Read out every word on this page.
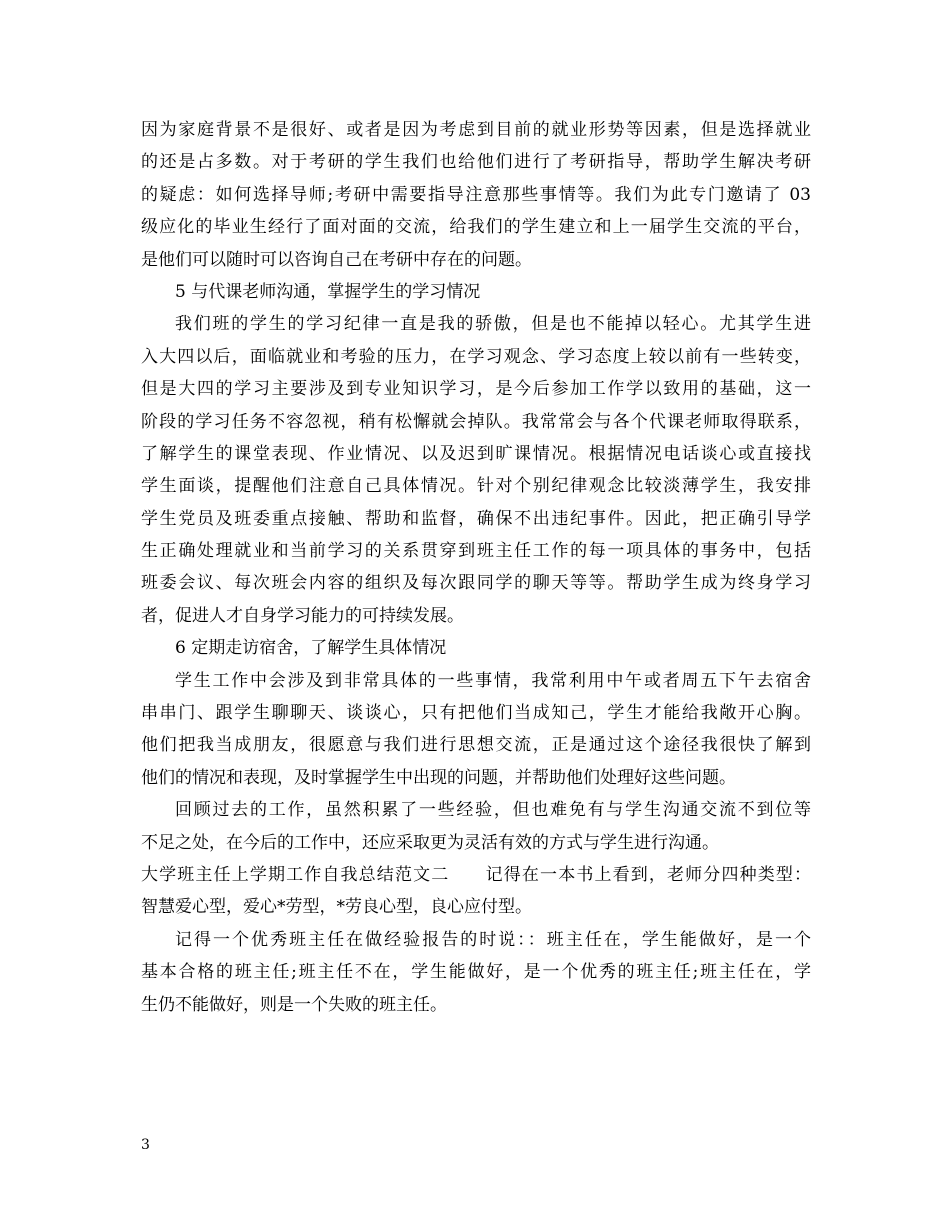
因为家庭背景不是很好、或者是因为考虑到目前的就业形势等因素，但是选择就业
的还是占多数。对于考研的学生我们也给他们进行了考研指导，帮助学生解决考研
的疑虑：如何选择导师;考研中需要指导注意那些事情等。我们为此专门邀请了 03
级应化的毕业生经行了面对面的交流，给我们的学生建立和上一届学生交流的平台，
是他们可以随时可以咨询自己在考研中存在的问题。
5 与代课老师沟通，掌握学生的学习情况
我们班的学生的学习纪律一直是我的骄傲，但是也不能掉以轻心。尤其学生进
入大四以后，面临就业和考验的压力，在学习观念、学习态度上较以前有一些转变，
但是大四的学习主要涉及到专业知识学习，是今后参加工作学以致用的基础，这一
阶段的学习任务不容忽视，稍有松懈就会掉队。我常常会与各个代课老师取得联系，
了解学生的课堂表现、作业情况、以及迟到旷课情况。根据情况电话谈心或直接找
学生面谈，提醒他们注意自己具体情况。针对个别纪律观念比较淡薄学生，我安排
学生党员及班委重点接触、帮助和监督，确保不出违纪事件。因此，把正确引导学
生正确处理就业和当前学习的关系贯穿到班主任工作的每一项具体的事务中，包括
班委会议、每次班会内容的组织及每次跟同学的聊天等等。帮助学生成为终身学习
者，促进人才自身学习能力的可持续发展。
6 定期走访宿舍，了解学生具体情况
学生工作中会涉及到非常具体的一些事情，我常利用中午或者周五下午去宿舍
串串门、跟学生聊聊天、谈谈心，只有把他们当成知己，学生才能给我敞开心胸。
他们把我当成朋友，很愿意与我们进行思想交流，正是通过这个途径我很快了解到
他们的情况和表现，及时掌握学生中出现的问题，并帮助他们处理好这些问题。
回顾过去的工作，虽然积累了一些经验，但也难免有与学生沟通交流不到位等
不足之处，在今后的工作中，还应采取更为灵活有效的方式与学生进行沟通。
大学班主任上学期工作自我总结范文二　　记得在一本书上看到，老师分四种类型：
智慧爱心型，爱心*劳型，*劳良心型，良心应付型。
记得一个优秀班主任在做经验报告的时说：：班主任在，学生能做好，是一个
基本合格的班主任;班主任不在，学生能做好，是一个优秀的班主任;班主任在，学
生仍不能做好，则是一个失败的班主任。
3
